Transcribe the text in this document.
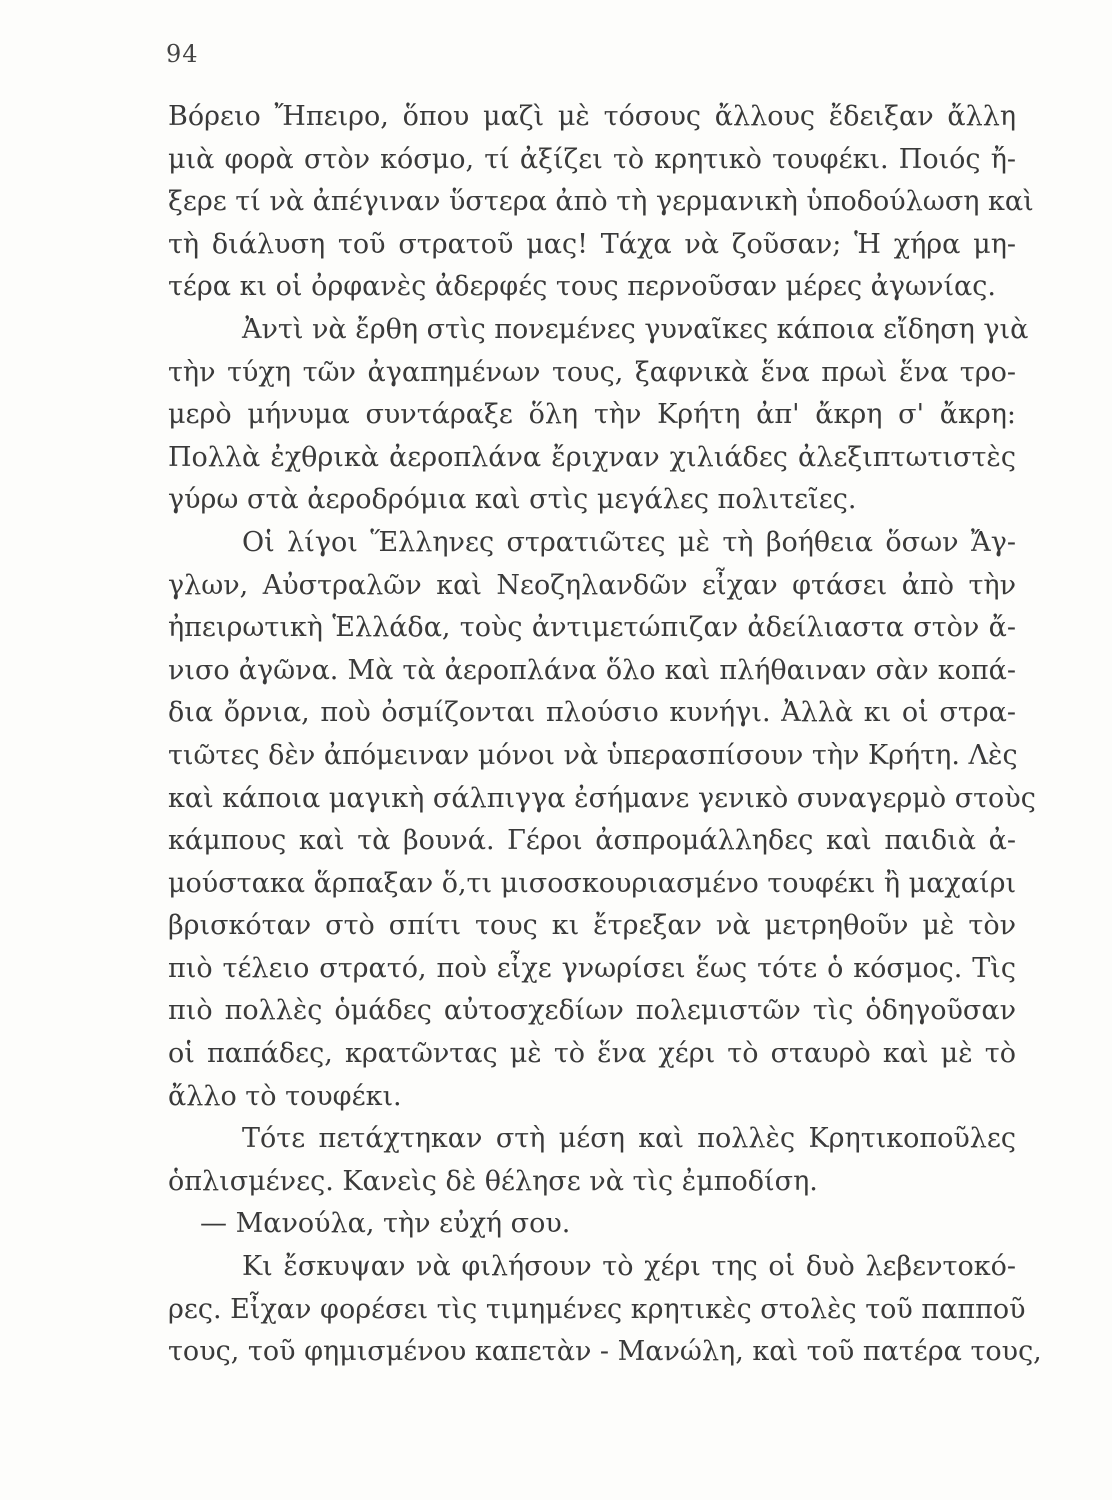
94
Βόρειο Ἤπειρο, ὅπου μαζὶ μὲ τόσους ἄλλους ἔδειξαν ἄλλη
μιὰ φορὰ στὸν κόσμο, τί ἀξίζει τὸ κρητικὸ τουφέκι. Ποιός ἤ-
ξερε τί νὰ ἀπέγιναν ὕστερα ἀπὸ τὴ γερμανικὴ ὑποδούλωση καὶ
τὴ διάλυση τοῦ στρατοῦ μας! Τάχα νὰ ζοῦσαν; Ἡ χήρα μη-
τέρα κι οἱ ὀρφανὲς ἀδερφές τους περνοῦσαν μέρες ἀγωνίας.
Ἀντὶ νὰ ἔρθη στὶς πονεμένες γυναῖκες κάποια εἴδηση γιὰ
τὴν τύχη τῶν ἀγαπημένων τους, ξαφνικὰ ἕνα πρωὶ ἕνα τρο-
μερὸ μήνυμα συντάραξε ὅλη τὴν Κρήτη ἀπ' ἄκρη σ' ἄκρη:
Πολλὰ ἐχθρικὰ ἀεροπλάνα ἔριχναν χιλιάδες ἀλεξιπτωτιστὲς
γύρω στὰ ἀεροδρόμια καὶ στὶς μεγάλες πολιτεῖες.
Οἱ λίγοι Ἕλληνες στρατιῶτες μὲ τὴ βοήθεια ὅσων Ἄγ-
γλων, Αὐστραλῶν καὶ Νεοζηλανδῶν εἶχαν φτάσει ἀπὸ τὴν
ἠπειρωτικὴ Ἑλλάδα, τοὺς ἀντιμετώπιζαν ἀδείλιαστα στὸν ἄ-
νισο ἀγῶνα. Μὰ τὰ ἀεροπλάνα ὅλο καὶ πλήθαιναν σὰν κοπά-
δια ὄρνια, ποὺ ὀσμίζονται πλούσιο κυνήγι. Ἀλλὰ κι οἱ στρα-
τιῶτες δὲν ἀπόμειναν μόνοι νὰ ὑπερασπίσουν τὴν Κρήτη. Λὲς
καὶ κάποια μαγικὴ σάλπιγγα ἐσήμανε γενικὸ συναγερμὸ στοὺς
κάμπους καὶ τὰ βουνά. Γέροι ἀσπρομάλληδες καὶ παιδιὰ ἀ-
μούστακα ἅρπαξαν ὅ,τι μισοσκουριασμένο τουφέκι ἢ μαχαίρι
βρισκόταν στὸ σπίτι τους κι ἔτρεξαν νὰ μετρηθοῦν μὲ τὸν
πιὸ τέλειο στρατό, ποὺ εἶχε γνωρίσει ἕως τότε ὁ κόσμος. Τὶς
πιὸ πολλὲς ὁμάδες αὐτοσχεδίων πολεμιστῶν τὶς ὁδηγοῦσαν
οἱ παπάδες, κρατῶντας μὲ τὸ ἕνα χέρι τὸ σταυρὸ καὶ μὲ τὸ
ἄλλο τὸ τουφέκι.
Τότε πετάχτηκαν στὴ μέση καὶ πολλὲς Κρητικοποῦλες
ὁπλισμένες. Κανεὶς δὲ θέλησε νὰ τὶς ἐμποδίση.
— Μανούλα, τὴν εὐχή σου.
Κι ἔσκυψαν νὰ φιλήσουν τὸ χέρι της οἱ δυὸ λεβεντοκό-
ρες. Εἶχαν φορέσει τὶς τιμημένες κρητικὲς στολὲς τοῦ παπποῦ
τους, τοῦ φημισμένου καπετὰν - Μανώλη, καὶ τοῦ πατέρα τους,
